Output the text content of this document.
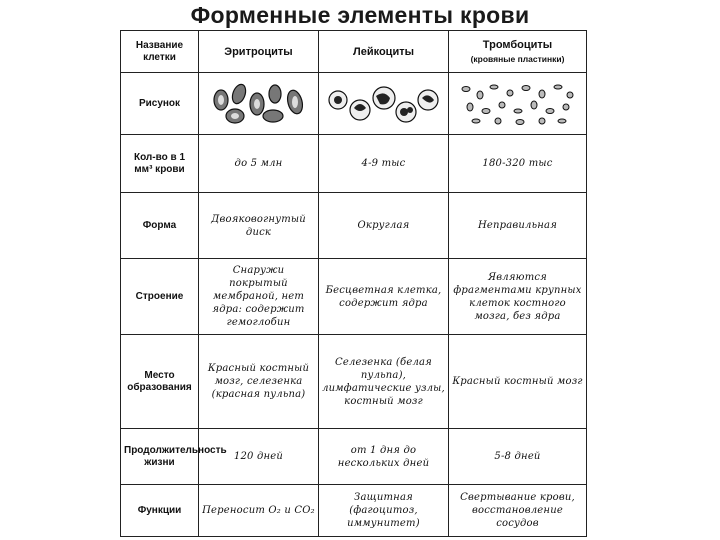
Форменные элементы крови
Название клетки	Эритроциты	Лейкоциты	Тромбоциты
(кровяные пластинки)

Рисунок	

Кол-во в 1 мм³ крови	до 5 млн	4-9 тыс	180-320 тыс
Форма	Двояковогнутый диск	Округлая	Неправильная
Строение	Снаружи покрытый мембраной, нет ядра: содержит гемоглобин	Бесцветная клетка, содержит ядра	Являются фрагментами крупных клеток костного мозга, без ядра
Место образования	Красный костный мозг, селезенка (красная пульпа)	Селезенка (белая пульпа), лимфатические узлы, костный мозг	Красный костный мозг
Продолжительность жизни	120 дней	от 1 дня до нескольких дней	5-8 дней
Функции	Переносит O₂ и CO₂	Защитная (фагоцитоз, иммунитет)	Свертывание крови, восстановление сосудов
